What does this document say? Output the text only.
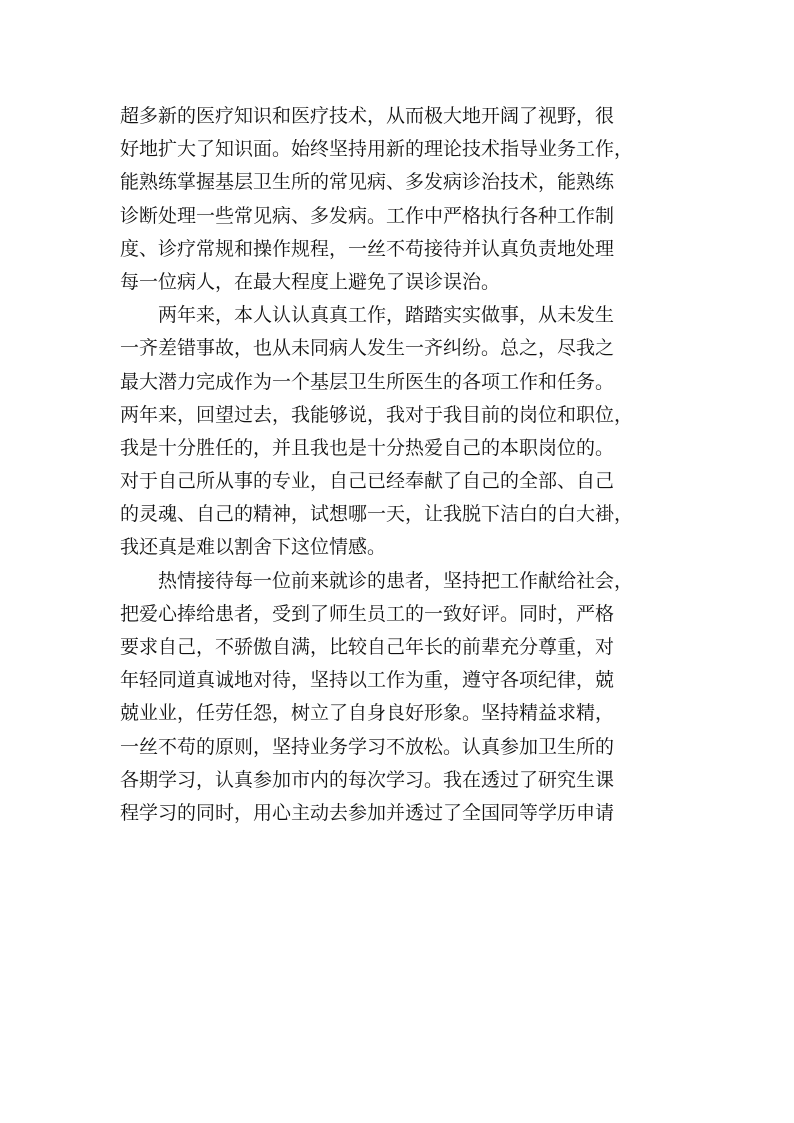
超多新的医疗知识和医疗技术，从而极大地开阔了视野，很
好地扩大了知识面。始终坚持用新的理论技术指导业务工作，
能熟练掌握基层卫生所的常见病、多发病诊治技术，能熟练
诊断处理一些常见病、多发病。工作中严格执行各种工作制
度、诊疗常规和操作规程，一丝不苟接待并认真负责地处理
每一位病人，在最大程度上避免了误诊误治。
两年来，本人认认真真工作，踏踏实实做事，从未发生
一齐差错事故，也从未同病人发生一齐纠纷。总之，尽我之
最大潜力完成作为一个基层卫生所医生的各项工作和任务。
两年来，回望过去，我能够说，我对于我目前的岗位和职位，
我是十分胜任的，并且我也是十分热爱自己的本职岗位的。
对于自己所从事的专业，自己已经奉献了自己的全部、自己
的灵魂、自己的精神，试想哪一天，让我脱下洁白的白大褂，
我还真是难以割舍下这位情感。
热情接待每一位前来就诊的患者，坚持把工作献给社会，
把爱心捧给患者，受到了师生员工的一致好评。同时，严格
要求自己，不骄傲自满，比较自己年长的前辈充分尊重，对
年轻同道真诚地对待，坚持以工作为重，遵守各项纪律，兢
兢业业，任劳任怨，树立了自身良好形象。坚持精益求精，
一丝不苟的原则，坚持业务学习不放松。认真参加卫生所的
各期学习，认真参加市内的每次学习。我在透过了研究生课
程学习的同时，用心主动去参加并透过了全国同等学历申请
